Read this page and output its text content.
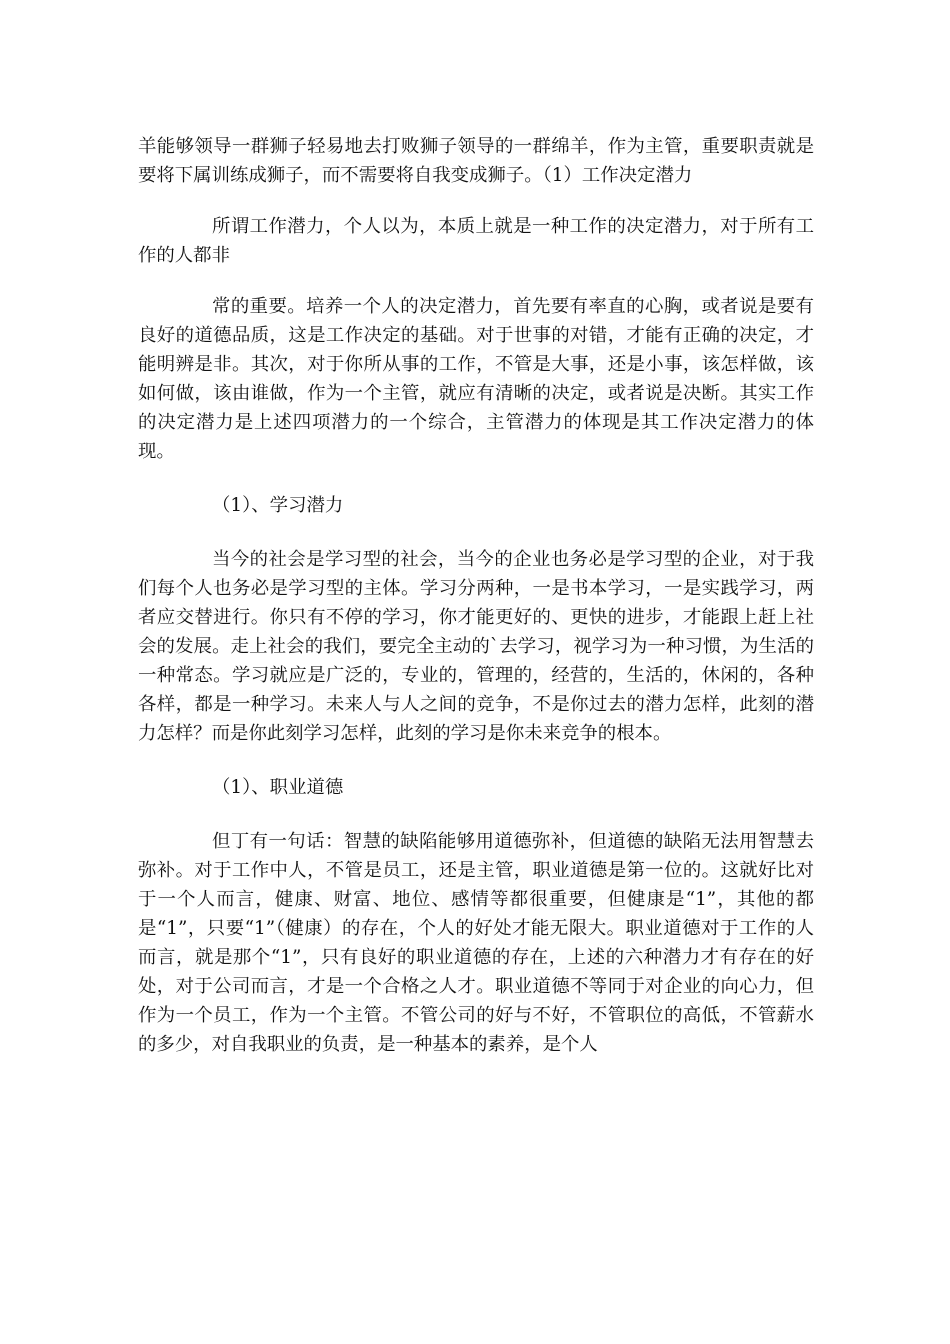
羊能够领导一群狮子轻易地去打败狮子领导的一群绵羊，作为主管，重要职责就是要将下属训练成狮子，而不需要将自我变成狮子。（1）工作决定潜力

所谓工作潜力，个人以为，本质上就是一种工作的决定潜力，对于所有工作的人都非

常的重要。培养一个人的决定潜力，首先要有率直的心胸，或者说是要有良好的道德品质，这是工作决定的基础。对于世事的对错，才能有正确的决定，才能明辨是非。其次，对于你所从事的工作，不管是大事，还是小事，该怎样做，该如何做，该由谁做，作为一个主管，就应有清晰的决定，或者说是决断。其实工作的决定潜力是上述四项潜力的一个综合，主管潜力的体现是其工作决定潜力的体现。

（1）、学习潜力

当今的社会是学习型的社会，当今的企业也务必是学习型的企业，对于我们每个人也务必是学习型的主体。学习分两种，一是书本学习，一是实践学习，两者应交替进行。你只有不停的学习，你才能更好的、更快的进步，才能跟上赶上社会的发展。走上社会的我们，要完全主动的`去学习，视学习为一种习惯，为生活的一种常态。学习就应是广泛的，专业的，管理的，经营的，生活的，休闲的，各种各样，都是一种学习。未来人与人之间的竞争，不是你过去的潜力怎样，此刻的潜力怎样？而是你此刻学习怎样，此刻的学习是你未来竞争的根本。

（1）、职业道德

但丁有一句话：智慧的缺陷能够用道德弥补，但道德的缺陷无法用智慧去弥补。对于工作中人，不管是员工，还是主管，职业道德是第一位的。这就好比对于一个人而言，健康、财富、地位、感情等都很重要，但健康是“1”，其他的都是“1”，只要“1”（健康）的存在，个人的好处才能无限大。职业道德对于工作的人而言，就是那个“1”，只有良好的职业道德的存在，上述的六种潜力才有存在的好处，对于公司而言，才是一个合格之人才。职业道德不等同于对企业的向心力，但作为一个员工，作为一个主管。不管公司的好与不好，不管职位的高低，不管薪水的多少，对自我职业的负责，是一种基本的素养，是个人
